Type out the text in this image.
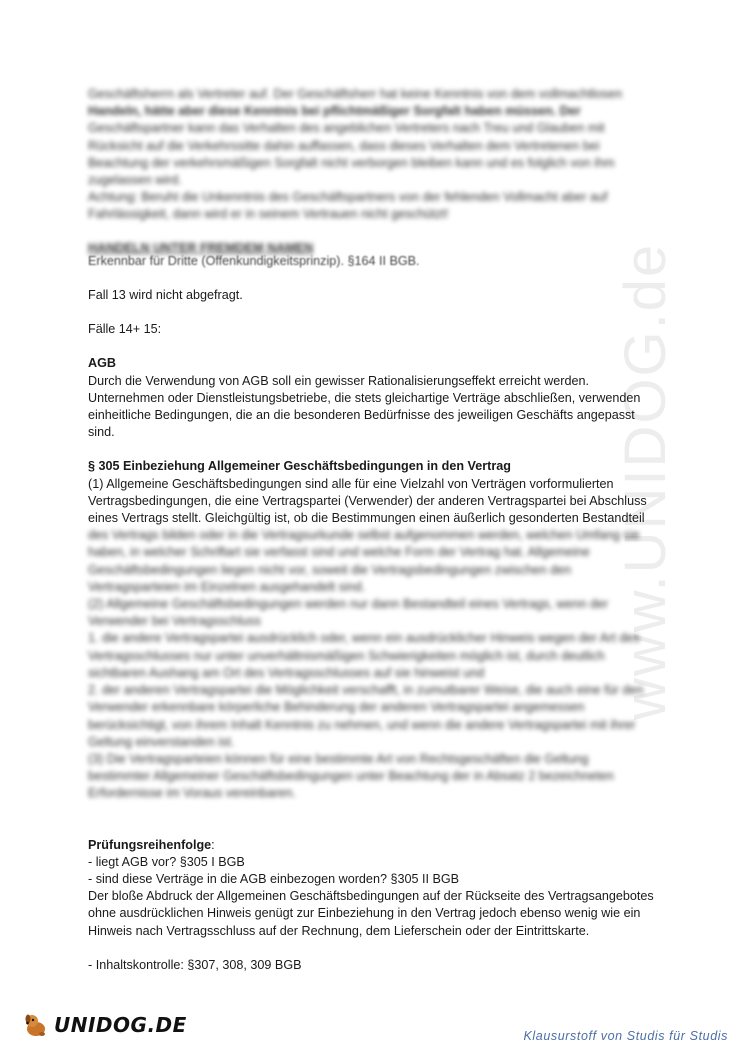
www.UNIDOG.de

Geschäftsherrn als Vertreter auf. Der Geschäftsherr hat keine Kenntnis von dem vollmachtlosen

Handeln, hätte aber diese Kenntnis bei pflichtmäßiger Sorgfalt haben müssen. Der

Geschäftspartner kann das Verhalten des angeblichen Vertreters nach Treu und Glauben mit

Rücksicht auf die Verkehrssitte dahin auffassen, dass dieses Verhalten dem Vertretenen bei

Beachtung der verkehrsmäßigen Sorgfalt nicht verborgen bleiben kann und es folglich von ihm

zugelassen wird.

Achtung: Beruht die Unkenntnis des Geschäftspartners von der fehlenden Vollmacht aber auf

Fahrlässigkeit, dann wird er in seinem Vertrauen nicht geschützt!

HANDELN UNTER FREMDEM NAMEN

Erkennbar für Dritte (Offenkundigkeitsprinzip). §164 II BGB.

Fall 13 wird nicht abgefragt.

Fälle 14+ 15:

AGB

Durch die Verwendung von AGB soll ein gewisser Rationalisierungseffekt erreicht werden.

Unternehmen oder Dienstleistungsbetriebe, die stets gleichartige Verträge abschließen, verwenden

einheitliche Bedingungen, die an die besonderen Bedürfnisse des jeweiligen Geschäfts angepasst

sind.

§ 305 Einbeziehung Allgemeiner Geschäftsbedingungen in den Vertrag

(1) Allgemeine Geschäftsbedingungen sind alle für eine Vielzahl von Verträgen vorformulierten

Vertragsbedingungen, die eine Vertragspartei (Verwender) der anderen Vertragspartei bei Abschluss

eines Vertrags stellt. Gleichgültig ist, ob die Bestimmungen einen äußerlich gesonderten Bestandteil

des Vertrags bilden oder in die Vertragsurkunde selbst aufgenommen werden, welchen Umfang sie

haben, in welcher Schriftart sie verfasst sind und welche Form der Vertrag hat. Allgemeine

Geschäftsbedingungen liegen nicht vor, soweit die Vertragsbedingungen zwischen den

Vertragsparteien im Einzelnen ausgehandelt sind.

(2) Allgemeine Geschäftsbedingungen werden nur dann Bestandteil eines Vertrags, wenn der

Verwender bei Vertragsschluss

1. die andere Vertragspartei ausdrücklich oder, wenn ein ausdrücklicher Hinweis wegen der Art des

Vertragsschlusses nur unter unverhältnismäßigen Schwierigkeiten möglich ist, durch deutlich

sichtbaren Aushang am Ort des Vertragsschlusses auf sie hinweist und

2. der anderen Vertragspartei die Möglichkeit verschafft, in zumutbarer Weise, die auch eine für den

Verwender erkennbare körperliche Behinderung der anderen Vertragspartei angemessen

berücksichtigt, von ihrem Inhalt Kenntnis zu nehmen, und wenn die andere Vertragspartei mit ihrer

Geltung einverstanden ist.

(3) Die Vertragsparteien können für eine bestimmte Art von Rechtsgeschäften die Geltung

bestimmter Allgemeiner Geschäftsbedingungen unter Beachtung der in Absatz 2 bezeichneten

Erfordernisse im Voraus vereinbaren.

Prüfungsreihenfolge:

- liegt AGB vor? §305 I BGB

- sind diese Verträge in die AGB einbezogen worden? §305 II BGB

Der bloße Abdruck der Allgemeinen Geschäftsbedingungen auf der Rückseite des Vertragsangebotes

ohne ausdrücklichen Hinweis genügt zur Einbeziehung in den Vertrag jedoch ebenso wenig wie ein

Hinweis nach Vertragsschluss auf der Rechnung, dem Lieferschein oder der Eintrittskarte.

- Inhaltskontrolle: §307, 308, 309 BGB

UNIDOG.DE	Klausurstoff von Studis für Studis
